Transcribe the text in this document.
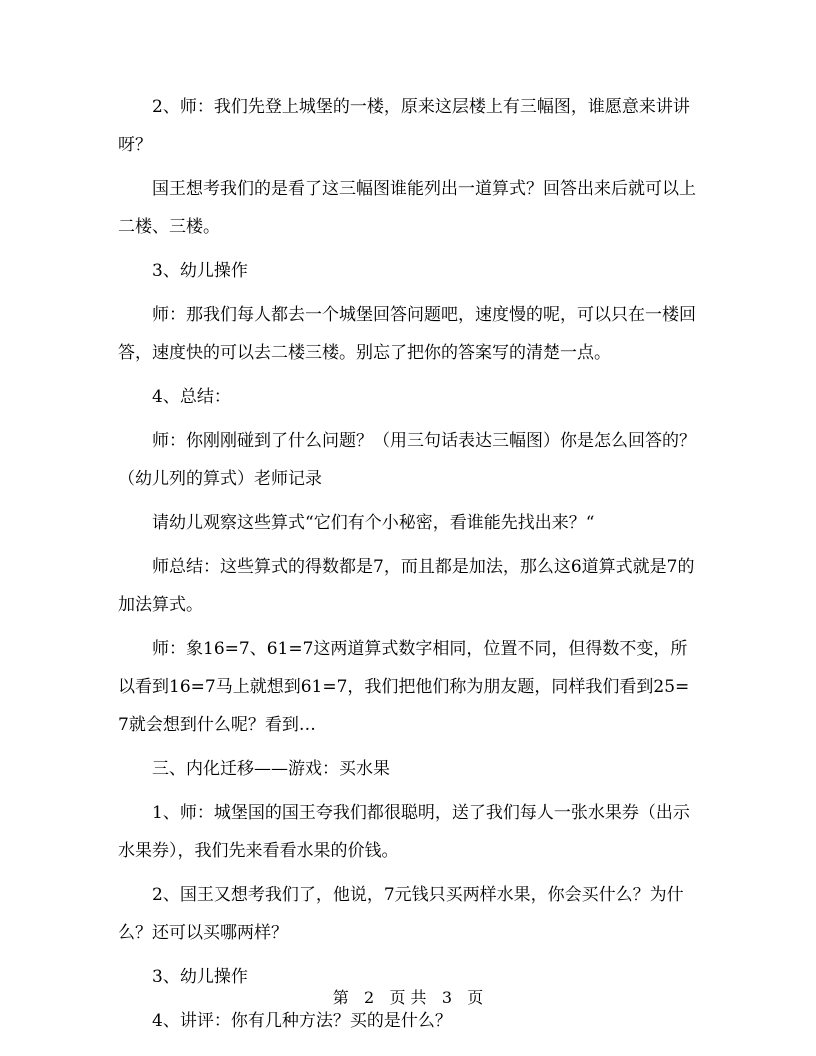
2、师：我们先登上城堡的一楼，原来这层楼上有三幅图，谁愿意来讲讲呀？

国王想考我们的是看了这三幅图谁能列出一道算式？回答出来后就可以上二楼、三楼。

3、幼儿操作

师：那我们每人都去一个城堡回答问题吧，速度慢的呢，可以只在一楼回答，速度快的可以去二楼三楼。别忘了把你的答案写的清楚一点。

4、总结：

师：你刚刚碰到了什么问题？（用三句话表达三幅图）你是怎么回答的？（幼儿列的算式）老师记录

请幼儿观察这些算式“它们有个小秘密，看谁能先找出来？“

师总结：这些算式的得数都是7，而且都是加法，那么这6道算式就是7的加法算式。

师：象16=7、61=7这两道算式数字相同，位置不同，但得数不变，所以看到16=7马上就想到61=7，我们把他们称为朋友题，同样我们看到25=7就会想到什么呢？看到…

三、内化迁移——游戏：买水果

1、师：城堡国的国王夸我们都很聪明，送了我们每人一张水果券（出示水果券），我们先来看看水果的价钱。

2、国王又想考我们了，他说，7元钱只买两样水果，你会买什么？为什么？还可以买哪两样？

3、幼儿操作

4、讲评：你有几种方法？买的是什么？

第 2 页 共 3 页
